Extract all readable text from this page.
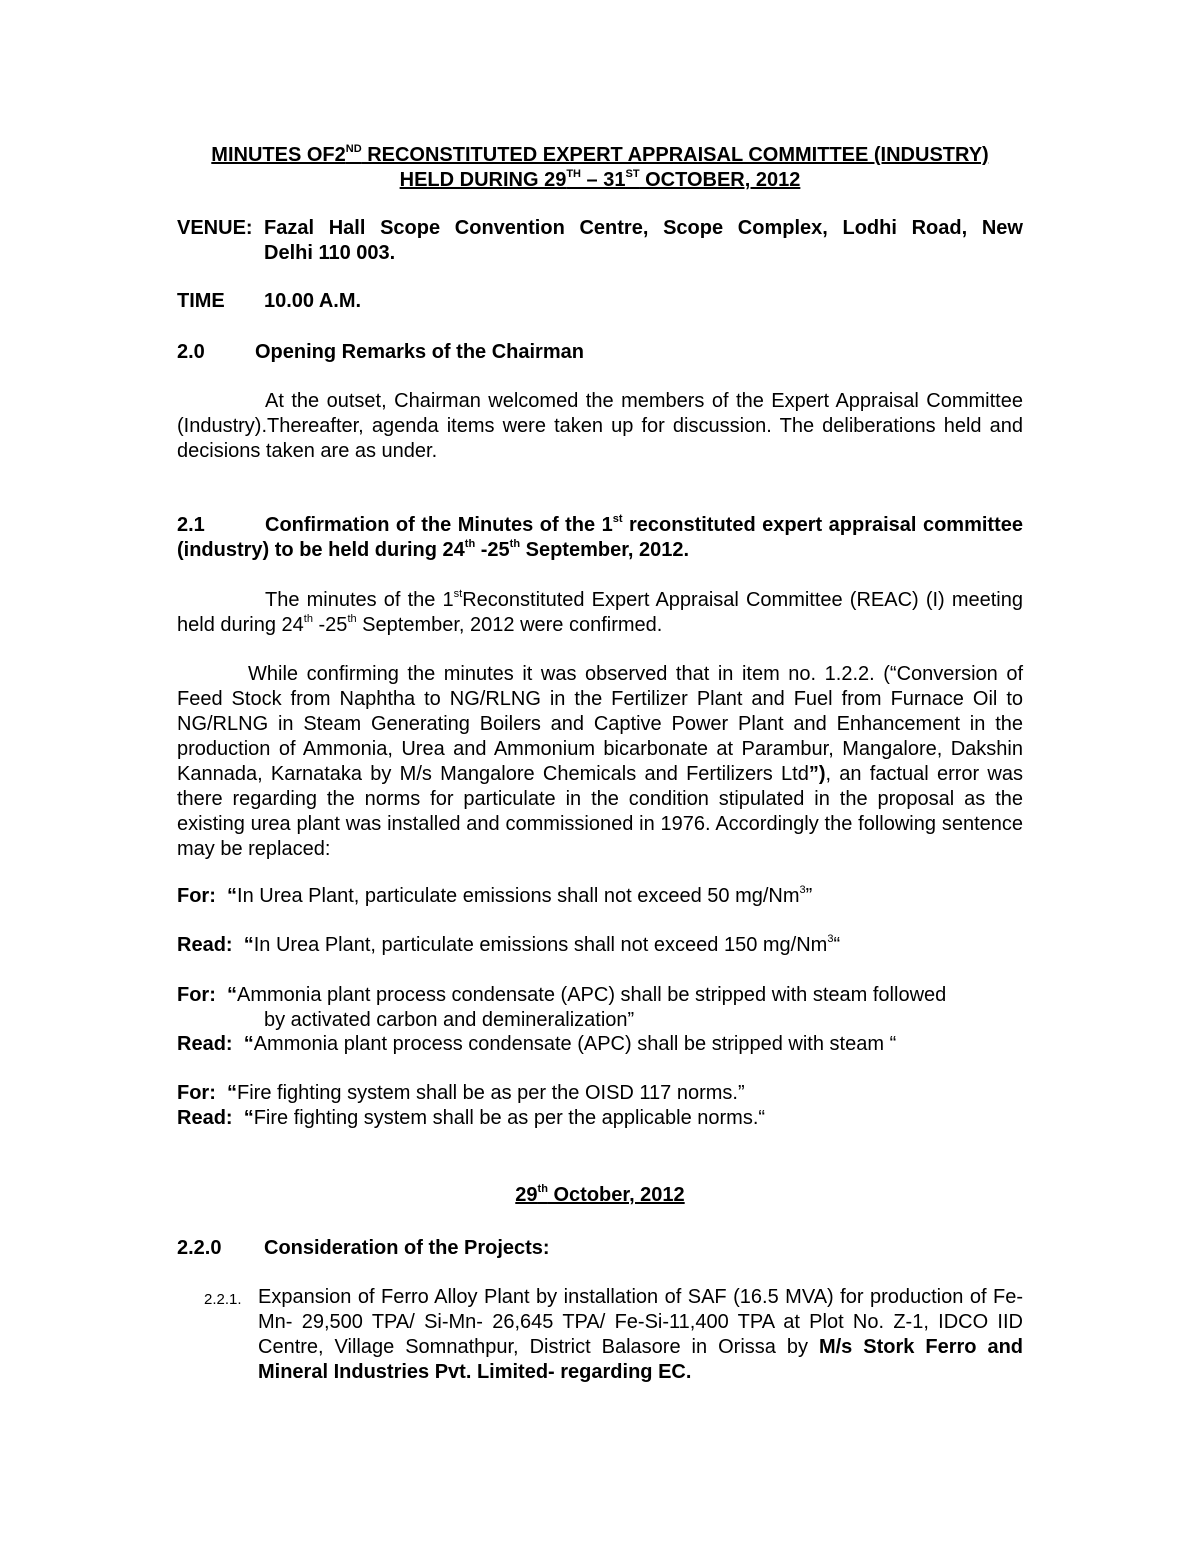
MINUTES OF2ND RECONSTITUTED EXPERT APPRAISAL COMMITTEE (INDUSTRY)
HELD DURING 29TH – 31ST OCTOBER, 2012
VENUE: Fazal Hall Scope Convention Centre, Scope Complex, Lodhi Road, New
Delhi 110 003.
TIME 10.00 A.M.
2.0	Opening Remarks of the Chairman
At the outset, Chairman welcomed the members of the Expert Appraisal Committee (Industry).Thereafter, agenda items were taken up for discussion. The deliberations held and decisions taken are as under.
2.1	Confirmation of the Minutes of the 1st reconstituted expert appraisal committee (industry) to be held during 24th -25th September, 2012.
The minutes of the 1stReconstituted Expert Appraisal Committee (REAC) (I) meeting held during 24th -25th September, 2012 were confirmed.
While confirming the minutes it was observed that in item no. 1.2.2. (“Conversion of Feed Stock from Naphtha to NG/RLNG in the Fertilizer Plant and Fuel from Furnace Oil to NG/RLNG in Steam Generating Boilers and Captive Power Plant and Enhancement in the production of Ammonia, Urea and Ammonium bicarbonate at Parambur, Mangalore, Dakshin Kannada, Karnataka by M/s Mangalore Chemicals and Fertilizers Ltd”), an factual error was there regarding the norms for particulate in the condition stipulated in the proposal as the existing urea plant was installed and commissioned in 1976. Accordingly the following sentence may be replaced:
For: “In Urea Plant, particulate emissions shall not exceed 50 mg/Nm$^3$”
Read: “In Urea Plant, particulate emissions shall not exceed 150 mg/Nm$^3$“
For: “Ammonia plant process condensate (APC) shall be stripped with steam followed
by activated carbon and demineralization”
Read: “Ammonia plant process condensate (APC) shall be stripped with steam “
For: “Fire fighting system shall be as per the OISD 117 norms.”
Read: “Fire fighting system shall be as per the applicable norms.“
29th October, 2012
2.2.0 Consideration of the Projects:
2.2.1. Expansion of Ferro Alloy Plant by installation of SAF (16.5 MVA) for production of Fe-Mn- 29,500 TPA/ Si-Mn- 26,645 TPA/ Fe-Si-11,400 TPA at Plot No. Z-1, IDCO IID Centre, Village Somnathpur, District Balasore in Orissa by M/s Stork Ferro and Mineral Industries Pvt. Limited- regarding EC.
